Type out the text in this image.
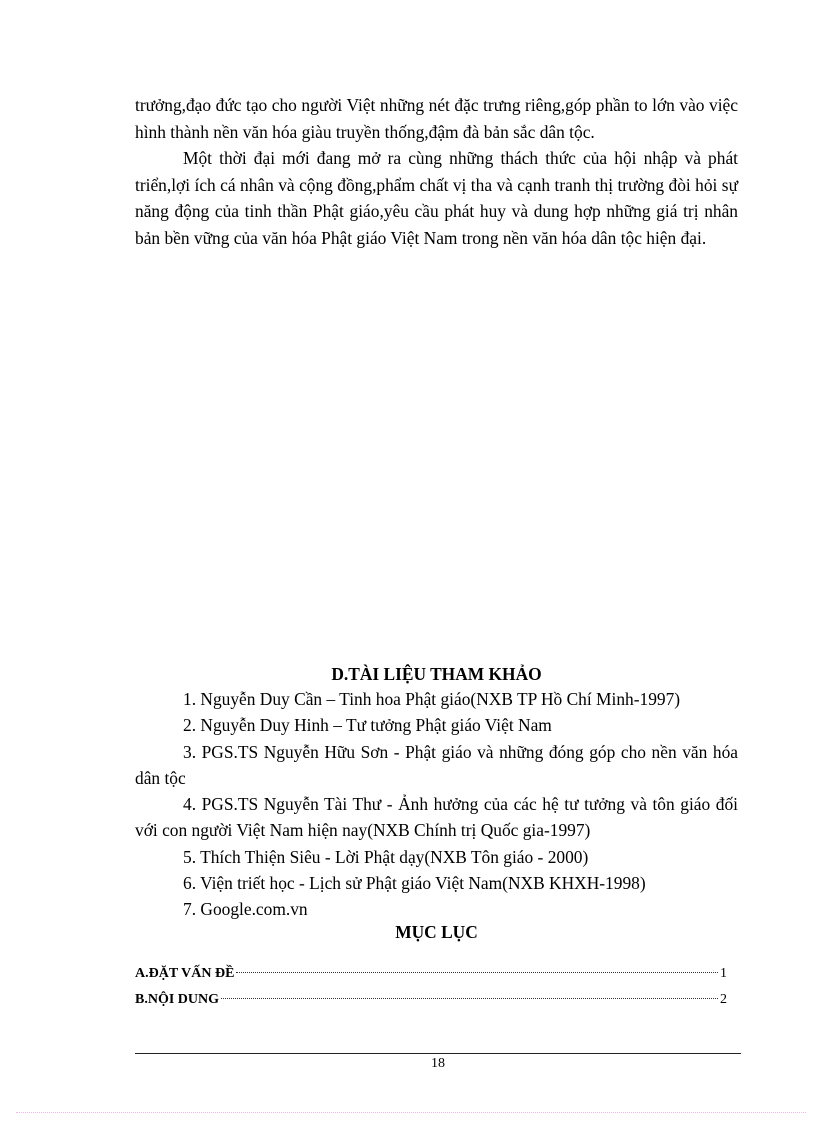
trưởng,đạo đức tạo cho người Việt những nét đặc trưng riêng,góp phần to lớn vào việc hình thành nền văn hóa giàu truyền thống,đậm đà bản sắc dân tộc.

Một thời đại mới đang mở ra cùng những thách thức của hội nhập và phát triển,lợi ích cá nhân và cộng đồng,phẩm chất vị tha và cạnh tranh thị trường đòi hỏi sự năng động của tinh thần Phật giáo,yêu cầu phát huy và dung hợp những giá trị nhân bản bền vững của văn hóa Phật giáo Việt Nam trong nền văn hóa dân tộc hiện đại.

D.TÀI LIỆU THAM KHẢO
1. Nguyễn Duy Cần – Tinh hoa Phật giáo(NXB TP Hồ Chí Minh-1997)
2. Nguyễn Duy Hinh – Tư tưởng Phật giáo Việt Nam
3. PGS.TS Nguyễn Hữu Sơn - Phật giáo và những đóng góp cho nền văn hóa dân tộc
4. PGS.TS Nguyễn Tài Thư - Ảnh hưởng của các hệ tư tưởng và tôn giáo đối với con người Việt Nam hiện nay(NXB Chính trị Quốc gia-1997)
5. Thích Thiện Siêu - Lời Phật dạy(NXB Tôn giáo - 2000)
6. Viện triết học - Lịch sử Phật giáo Việt Nam(NXB KHXH-1998)
7. Google.com.vn
MỤC LỤC
A.ĐẶT VẤN ĐỀ	1
B.NỘI DUNG	2
18
